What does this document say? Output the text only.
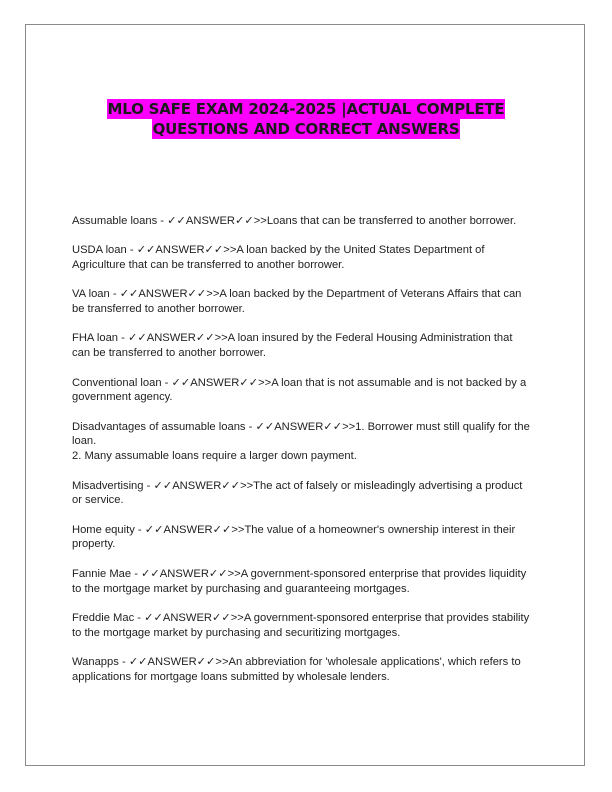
MLO SAFE EXAM 2024-2025 |ACTUAL COMPLETE
QUESTIONS AND CORRECT ANSWERS

Assumable loans - ✓✓ANSWER✓✓>>Loans that can be transferred to another borrower.

USDA loan - ✓✓ANSWER✓✓>>A loan backed by the United States Department of Agriculture that can be transferred to another borrower.

VA loan - ✓✓ANSWER✓✓>>A loan backed by the Department of Veterans Affairs that can be transferred to another borrower.

FHA loan - ✓✓ANSWER✓✓>>A loan insured by the Federal Housing Administration that can be transferred to another borrower.

Conventional loan - ✓✓ANSWER✓✓>>A loan that is not assumable and is not backed by a government agency.

Disadvantages of assumable loans - ✓✓ANSWER✓✓>>1. Borrower must still qualify for the loan.
2. Many assumable loans require a larger down payment.

Misadvertising - ✓✓ANSWER✓✓>>The act of falsely or misleadingly advertising a product or service.

Home equity - ✓✓ANSWER✓✓>>The value of a homeowner's ownership interest in their property.

Fannie Mae - ✓✓ANSWER✓✓>>A government-sponsored enterprise that provides liquidity to the mortgage market by purchasing and guaranteeing mortgages.

Freddie Mac - ✓✓ANSWER✓✓>>A government-sponsored enterprise that provides stability to the mortgage market by purchasing and securitizing mortgages.

Wanapps - ✓✓ANSWER✓✓>>An abbreviation for 'wholesale applications', which refers to applications for mortgage loans submitted by wholesale lenders.
